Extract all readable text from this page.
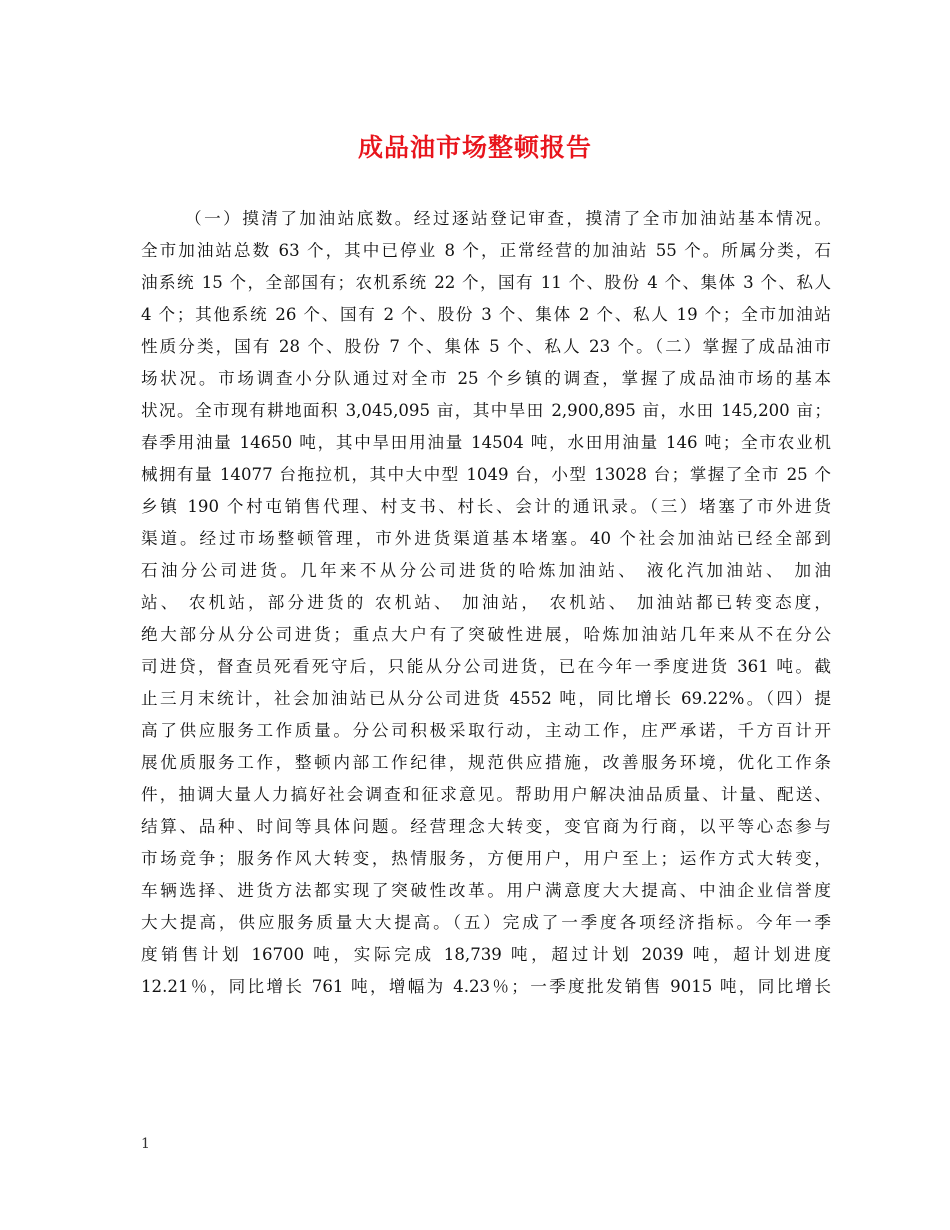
成品油市场整顿报告
（一）摸清了加油站底数。经过逐站登记审查，摸清了全市加油站基本情况。
全市加油站总数 63 个，其中已停业 8 个，正常经营的加油站 55 个。所属分类，石
油系统 15 个，全部国有；农机系统 22 个，国有 11 个、股份 4 个、集体 3 个、私人
4 个；其他系统 26 个、国有 2 个、股份 3 个、集体 2 个、私人 19 个；全市加油站
性质分类，国有 28 个、股份 7 个、集体 5 个、私人 23 个。（二）掌握了成品油市
场状况。市场调查小分队通过对全市 25 个乡镇的调查，掌握了成品油市场的基本
状况。全市现有耕地面积 3,045,095 亩，其中旱田 2,900,895 亩，水田 145,200 亩；
春季用油量 14650 吨，其中旱田用油量 14504 吨，水田用油量 146 吨；全市农业机
械拥有量 14077 台拖拉机，其中大中型 1049 台，小型 13028 台；掌握了全市 25 个
乡镇 190 个村屯销售代理、村支书、村长、会计的通讯录。（三）堵塞了市外进货
渠道。经过市场整顿管理，市外进货渠道基本堵塞。40 个社会加油站已经全部到
石油分公司进货。几年来不从分公司进货的哈炼加油站、 液化汽加油站、 加油
站、 农机站，部分进货的 农机站、 加油站， 农机站、 加油站都已转变态度，
绝大部分从分公司进货；重点大户有了突破性进展，哈炼加油站几年来从不在分公
司进贷，督查员死看死守后，只能从分公司进货，已在今年一季度进货 361 吨。截
止三月末统计，社会加油站已从分公司进货 4552 吨，同比增长 69.22%。（四）提
高了供应服务工作质量。分公司积极采取行动，主动工作，庄严承诺，千方百计开
展优质服务工作，整顿内部工作纪律，规范供应措施，改善服务环境，优化工作条
件，抽调大量人力搞好社会调查和征求意见。帮助用户解决油品质量、计量、配送、
结算、品种、时间等具体问题。经营理念大转变，变官商为行商，以平等心态参与
市场竞争；服务作风大转变，热情服务，方便用户，用户至上；运作方式大转变，
车辆选择、进货方法都实现了突破性改革。用户满意度大大提高、中油企业信誉度
大大提高，供应服务质量大大提高。（五）完成了一季度各项经济指标。今年一季
度销售计划 16700 吨，实际完成 18,739 吨，超过计划 2039 吨，超计划进度
12.21％，同比增长 761 吨，增幅为 4.23％；一季度批发销售 9015 吨，同比增长
1
